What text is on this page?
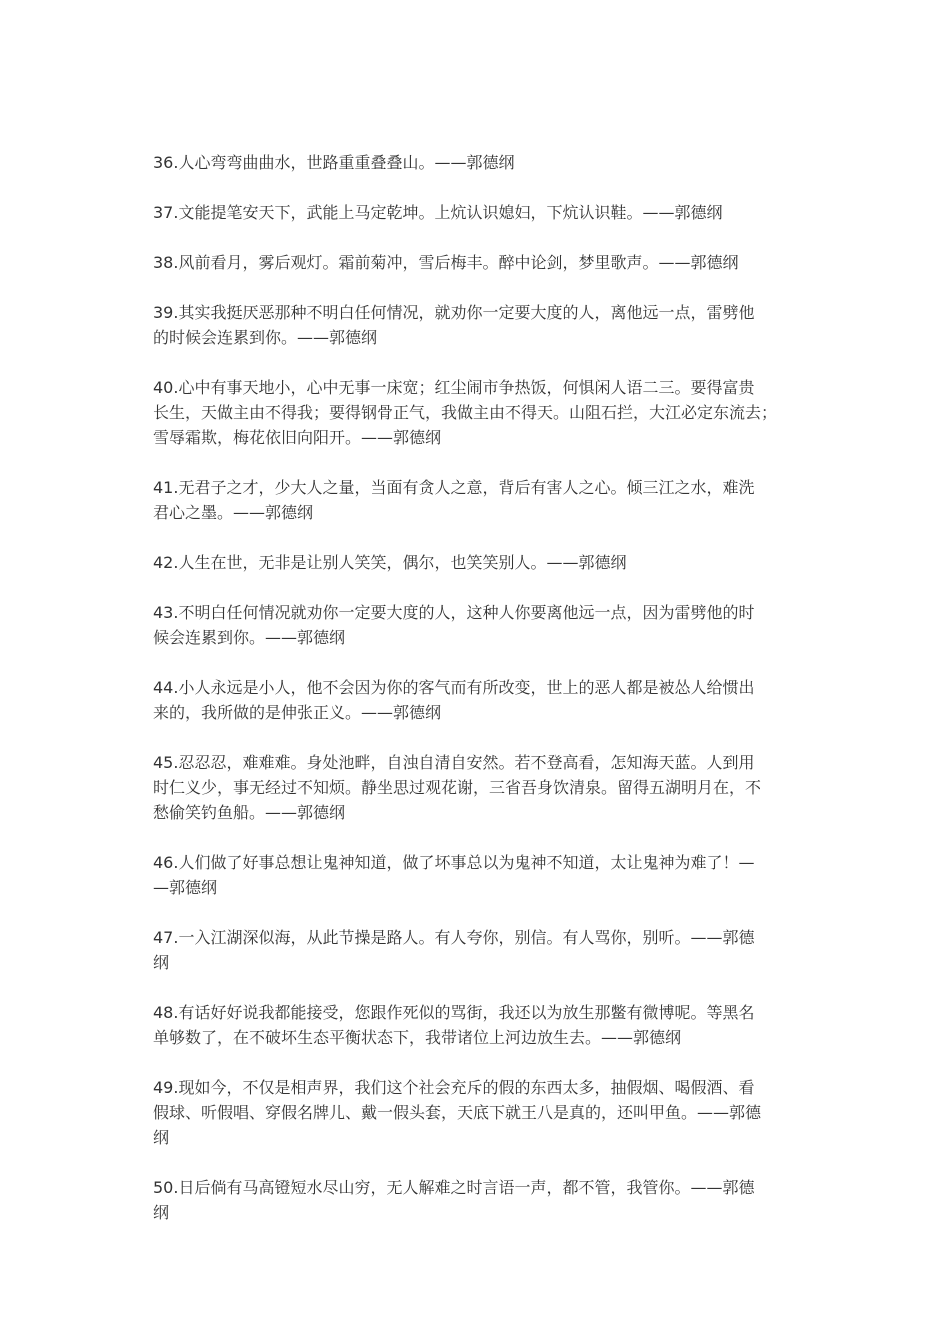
36.人心弯弯曲曲水，世路重重叠叠山。——郭德纲

37.文能提笔安天下，武能上马定乾坤。上炕认识媳妇，下炕认识鞋。——郭德纲

38.风前看月，雾后观灯。霜前菊冲，雪后梅丰。醉中论剑，梦里歌声。——郭德纲

39.其实我挺厌恶那种不明白任何情况，就劝你一定要大度的人，离他远一点，雷劈他
的时候会连累到你。——郭德纲

40.心中有事天地小，心中无事一床宽；红尘闹市争热饭，何惧闲人语二三。要得富贵
长生，天做主由不得我；要得钢骨正气，我做主由不得天。山阻石拦，大江必定东流去；
雪辱霜欺，梅花依旧向阳开。——郭德纲

41.无君子之才，少大人之量，当面有贪人之意，背后有害人之心。倾三江之水，难洗
君心之墨。——郭德纲

42.人生在世，无非是让别人笑笑，偶尔，也笑笑别人。——郭德纲

43.不明白任何情况就劝你一定要大度的人，这种人你要离他远一点，因为雷劈他的时
候会连累到你。——郭德纲

44.小人永远是小人，他不会因为你的客气而有所改变，世上的恶人都是被怂人给惯出
来的，我所做的是伸张正义。——郭德纲

45.忍忍忍，难难难。身处池畔，自浊自清自安然。若不登高看，怎知海天蓝。人到用
时仁义少，事无经过不知烦。静坐思过观花谢，三省吾身饮清泉。留得五湖明月在，不
愁偷笑钓鱼船。——郭德纲

46.人们做了好事总想让鬼神知道，做了坏事总以为鬼神不知道，太让鬼神为难了！—
—郭德纲

47.一入江湖深似海，从此节操是路人。有人夸你，别信。有人骂你，别听。——郭德
纲

48.有话好好说我都能接受，您跟作死似的骂街，我还以为放生那鳖有微博呢。等黑名
单够数了，在不破坏生态平衡状态下，我带诸位上河边放生去。——郭德纲

49.现如今，不仅是相声界，我们这个社会充斥的假的东西太多，抽假烟、喝假酒、看
假球、听假唱、穿假名牌儿、戴一假头套，天底下就王八是真的，还叫甲鱼。——郭德
纲

50.日后倘有马高镫短水尽山穷，无人解难之时言语一声，都不管，我管你。——郭德
纲
